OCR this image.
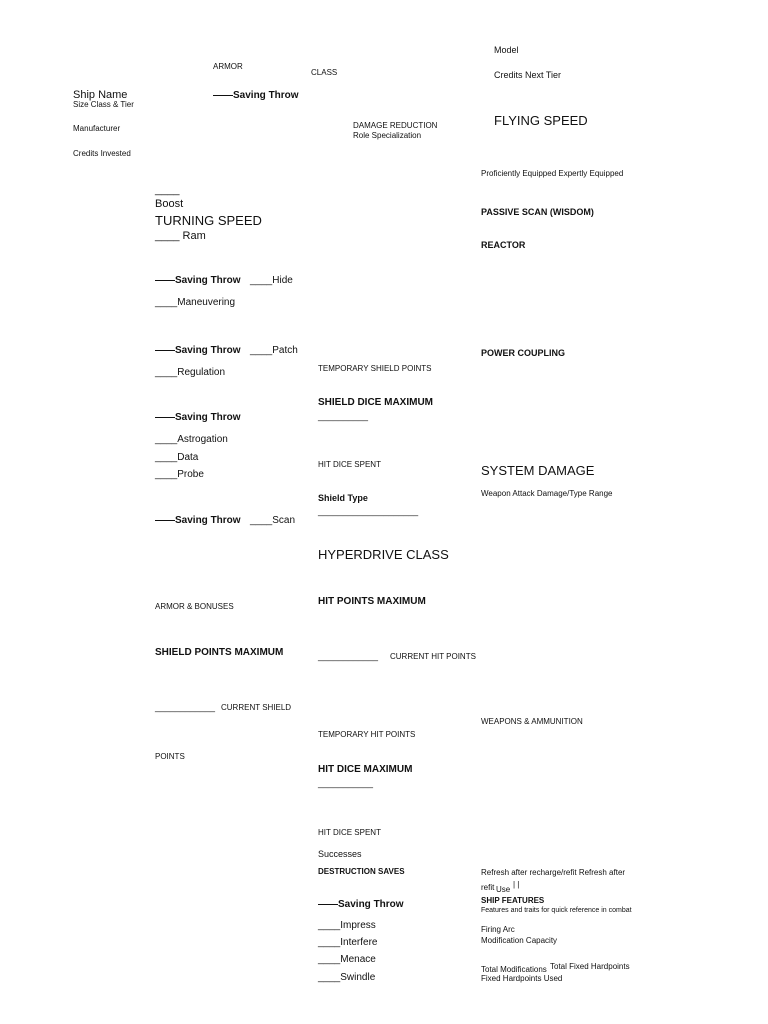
Model
Credits Next Tier
ARMOR
CLASS
Ship Name
Size Class & Tier
Manufacturer
Credits Invested
——Saving Throw
DAMAGE REDUCTION
Role Specialization
FLYING SPEED
____
Boost
TURNING SPEED
____ Ram
——Saving Throw ____Hide
____Maneuvering
——Saving Throw ____Patch
____Regulation
——Saving Throw
____Astrogation
____Data
____Probe
——Saving Throw ____Scan
ARMOR & BONUSES
SHIELD POINTS MAXIMUM
____________ CURRENT SHIELD
POINTS
TEMPORARY SHIELD POINTS
SHIELD DICE MAXIMUM
__________
HIT DICE SPENT
Shield Type
____________________
HYPERDRIVE CLASS
HIT POINTS MAXIMUM
____________ CURRENT HIT POINTS
TEMPORARY HIT POINTS
HIT DICE MAXIMUM
___________
HIT DICE SPENT
Successes
DESTRUCTION SAVES
——Saving Throw
____Impress
____Interfere
____Menace
____Swindle
Proficiently Equipped Expertly Equipped
PASSIVE SCAN (WISDOM)
REACTOR
POWER COUPLING
SYSTEM DAMAGE
Weapon Attack Damage/Type Range
WEAPONS & AMMUNITION
Refresh after recharge/refit Refresh after
refit Use
| |
SHIP FEATURES
Features and traits for quick reference in combat
Firing Arc
Modification Capacity
Total Modifications Total Fixed Hardpoints
Fixed Hardpoints Used
